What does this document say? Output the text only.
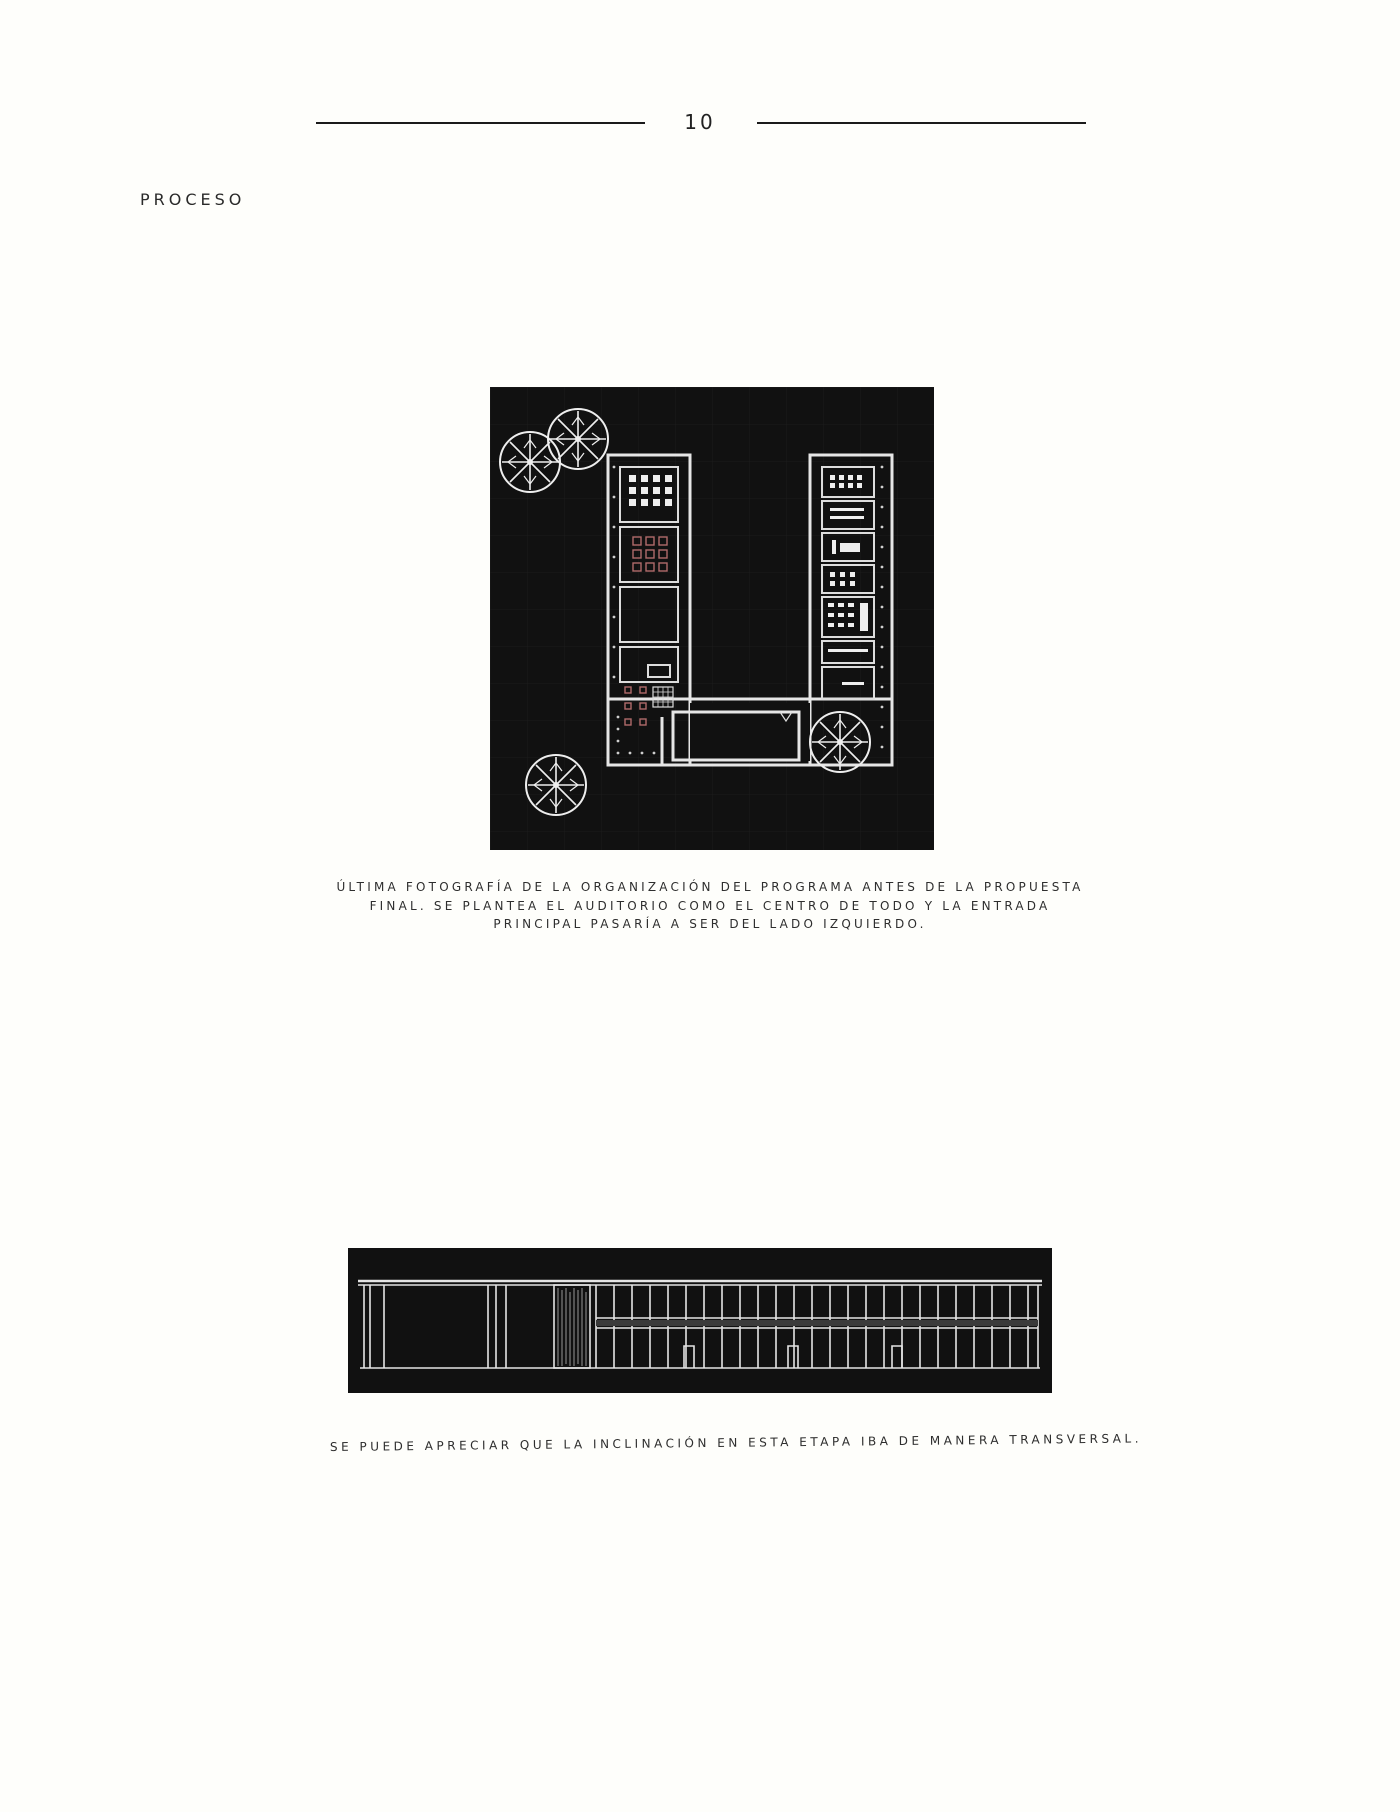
10
PROCESO
ÚLTIMA FOTOGRAFÍA DE LA ORGANIZACIÓN DEL PROGRAMA ANTES DE LA PROPUESTA FINAL. SE PLANTEA EL AUDITORIO COMO EL CENTRO DE TODO Y LA ENTRADA PRINCIPAL PASARÍA A SER DEL LADO IZQUIERDO.
SE PUEDE APRECIAR QUE LA INCLINACIÓN EN ESTA ETAPA IBA DE MANERA TRANSVERSAL.
